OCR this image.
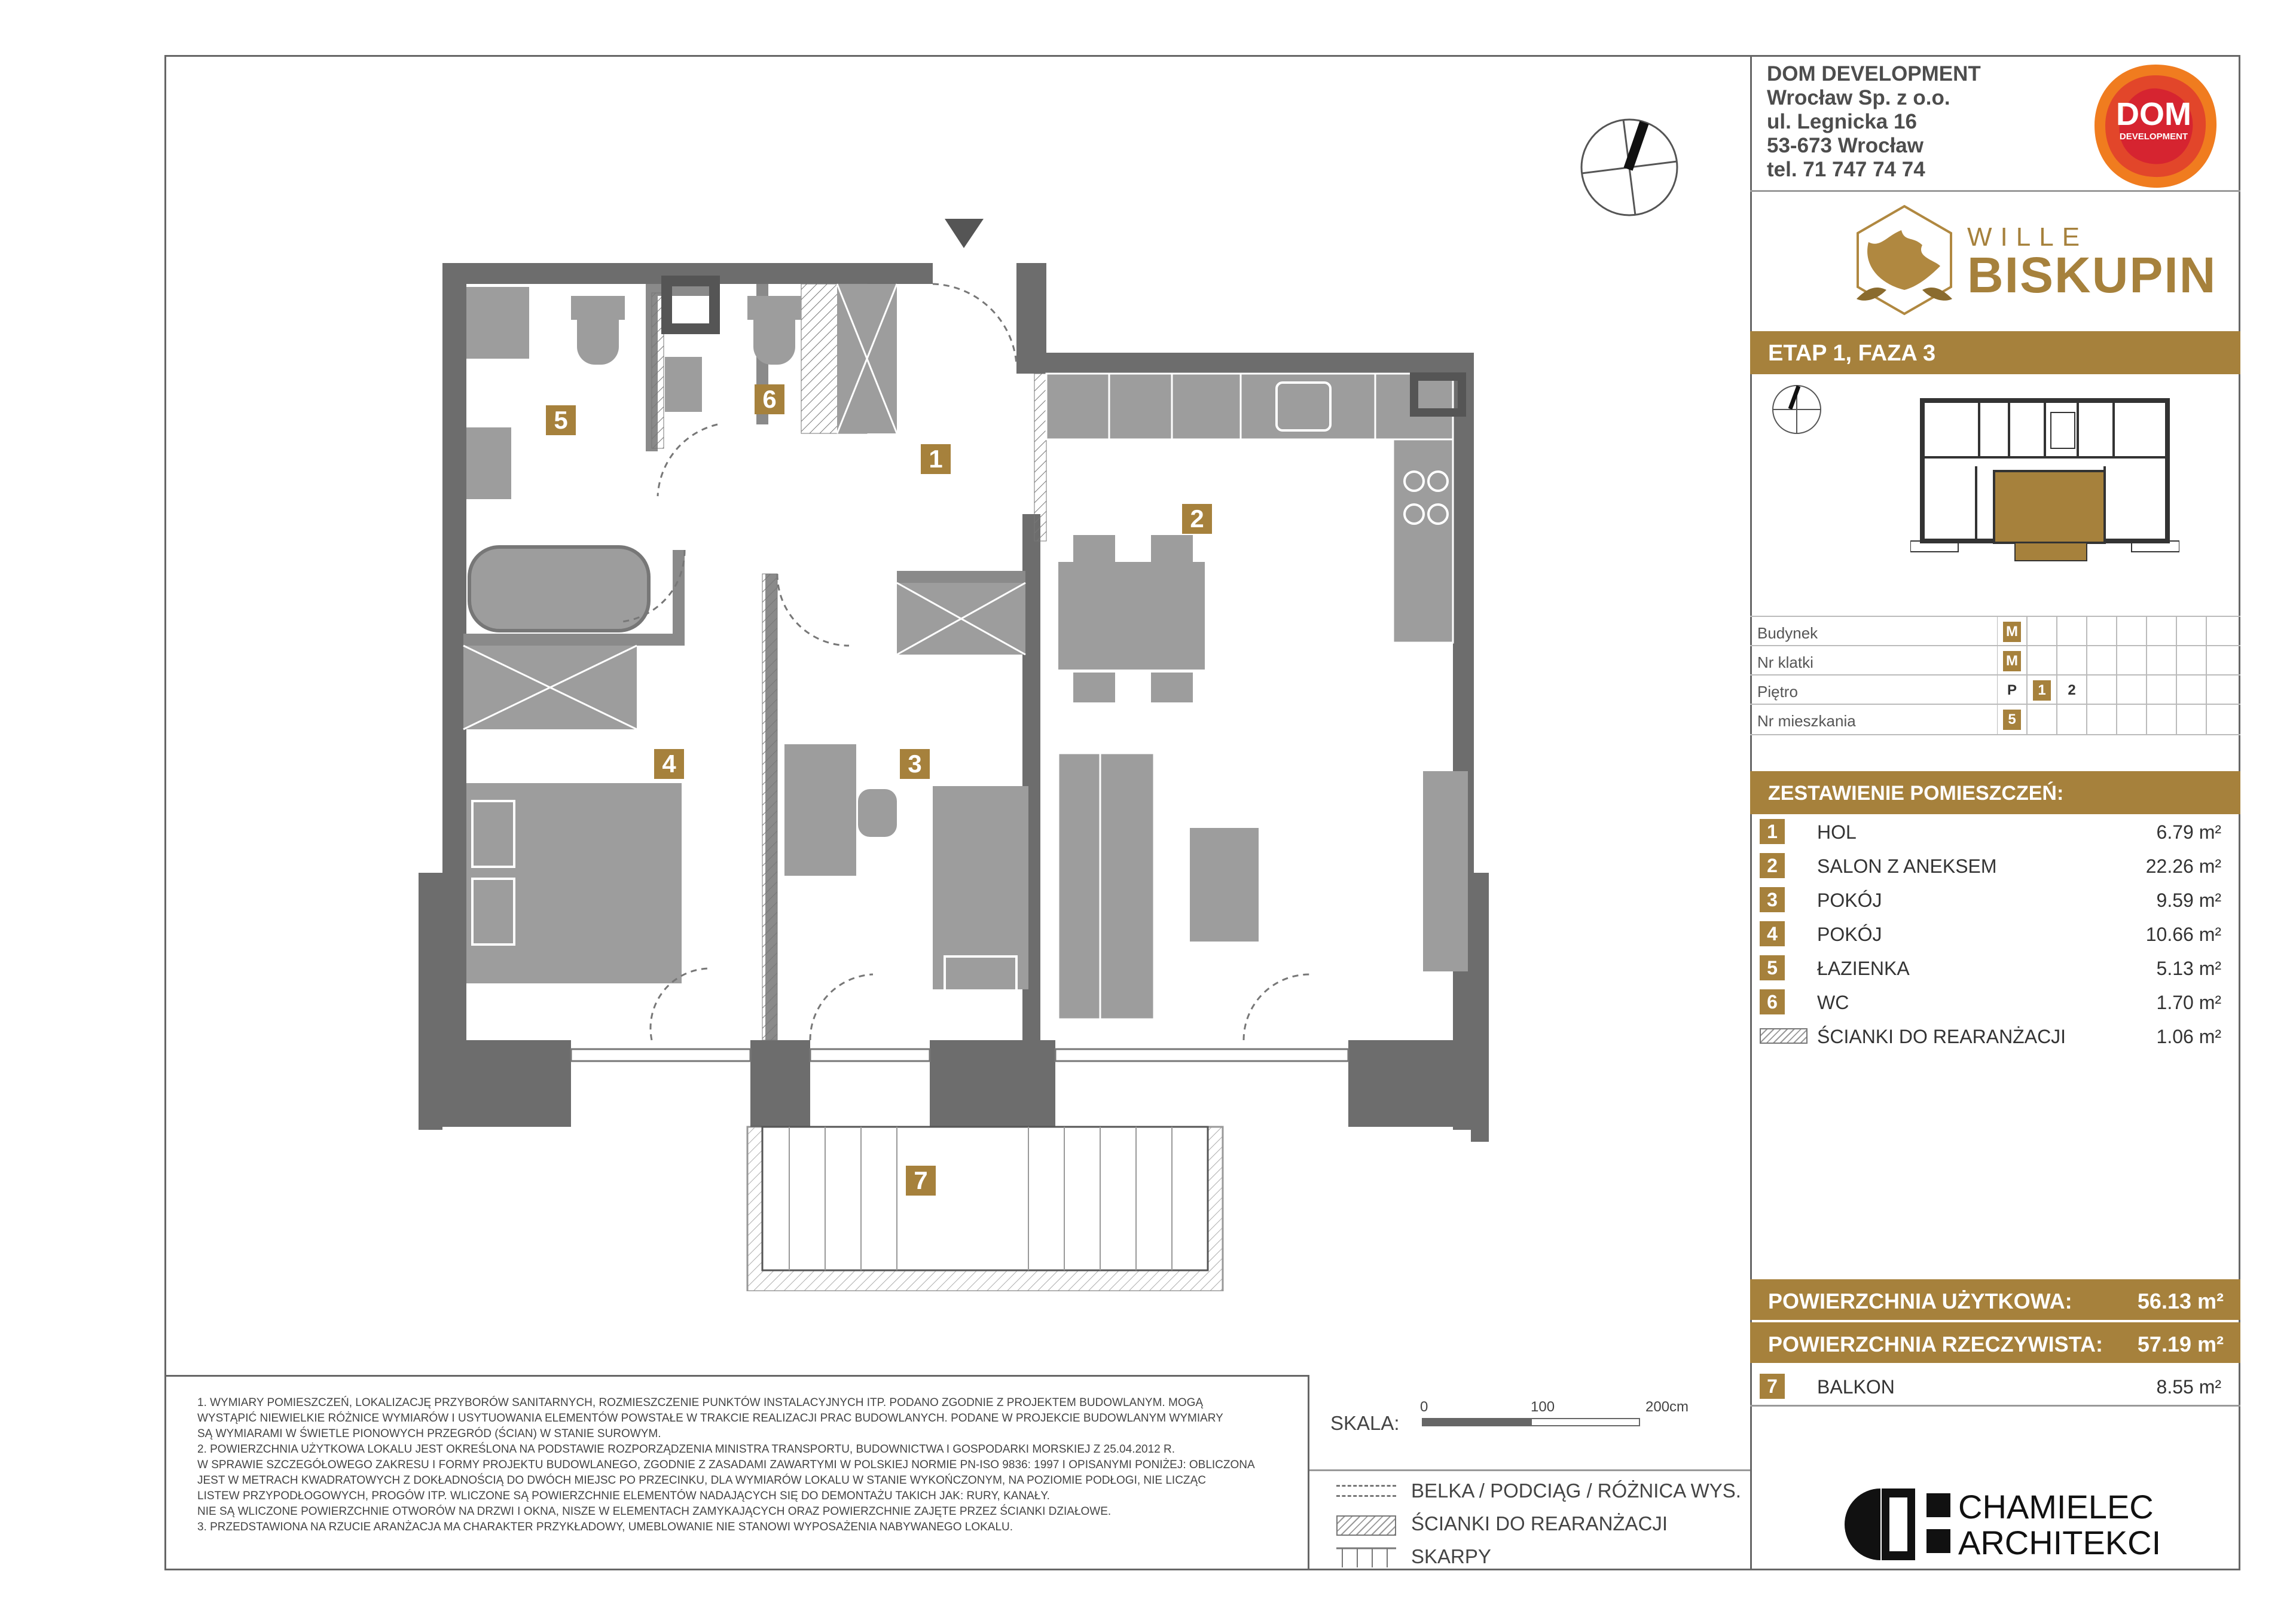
DOM DEVELOPMENT
Wrocław Sp. z o.o.
ul. Legnicka 16
53-673 Wrocław
tel. 71 747 74 74
DOM
DEVELOPMENT
WILLE
BISKUPIN
ETAP 1, FAZA 3
Budynek	M
Nr klatki	M
Piętro	P	1	2
Nr mieszkania	5
ZESTAWIENIE POMIESZCZEŃ:
1	HOL	6.79 m²
2	SALON Z ANEKSEM	22.26 m²
3	POKÓJ	9.59 m²
4	POKÓJ	10.66 m²
5	ŁAZIENKA	5.13 m²
6	WC	1.70 m²
ŚCIANKI DO REARANŻACJI	1.06 m²
POWIERZCHNIA UŻYTKOWA:	56.13 m²
POWIERZCHNIA RZECZYWISTA: 57.19 m²
7	BALKON	8.55 m²
1. WYMIARY POMIESZCZEŃ, LOKALIZACJĘ PRZYBORÓW SANITARNYCH, ROZMIESZCZENIE PUNKTÓW INSTALACYJNYCH ITP. PODANO ZGODNIE Z PROJEKTEM BUDOWLANYM. MOGĄ
WYSTĄPIĆ NIEWIELKIE RÓŻNICE WYMIARÓW I USYTUOWANIA ELEMENTÓW POWSTAŁE W TRAKCIE REALIZACJI PRAC BUDOWLANYCH. PODANE W PROJEKCIE BUDOWLANYM WYMIARY
SĄ WYMIARAMI W ŚWIETLE PIONOWYCH PRZEGRÓD (ŚCIAN) W STANIE SUROWYM.
2. POWIERZCHNIA UŻYTKOWA LOKALU JEST OKREŚLONA NA PODSTAWIE ROZPORZĄDZENIA MINISTRA TRANSPORTU, BUDOWNICTWA I GOSPODARKI MORSKIEJ Z 25.04.2012 R.
W SPRAWIE SZCZEGÓŁOWEGO ZAKRESU I FORMY PROJEKTU BUDOWLANEGO, ZGODNIE Z ZASADAMI ZAWARTYMI W POLSKIEJ NORMIE PN-ISO 9836: 1997 I OPISANYMI PONIŻEJ: OBLICZONA
JEST W METRACH KWADRATOWYCH Z DOKŁADNOŚCIĄ DO DWÓCH MIEJSC PO PRZECINKU, DLA WYMIARÓW LOKALU W STANIE WYKOŃCZONYM, NA POZIOMIE PODŁOGI, NIE LICZĄC
LISTEW PRZYPODŁOGOWYCH, PROGÓW ITP. WLICZONE SĄ POWIERZCHNIE ELEMENTÓW NADAJĄCYCH SIĘ DO DEMONTAŻU TAKICH JAK: RURY, KANAŁY.
NIE SĄ WLICZONE POWIERZCHNIE OTWORÓW NA DRZWI I OKNA, NISZE W ELEMENTACH ZAMYKAJĄCYCH ORAZ POWIERZCHNIE ZAJĘTE PRZEZ ŚCIANKI DZIAŁOWE.
3. PRZEDSTAWIONA NA RZUCIE ARANŻACJA MA CHARAKTER PRZYKŁADOWY, UMEBLOWANIE NIE STANOWI WYPOSAŻENIA NABYWANEGO LOKALU.
SKALA:
0	100	200cm
BELKA / PODCIĄG / RÓŻNICA WYS.
ŚCIANKI DO REARANŻACJI
SKARPY
CHAMIELEC
ARCHITEKCI
1
2
3
4
5
6
7
